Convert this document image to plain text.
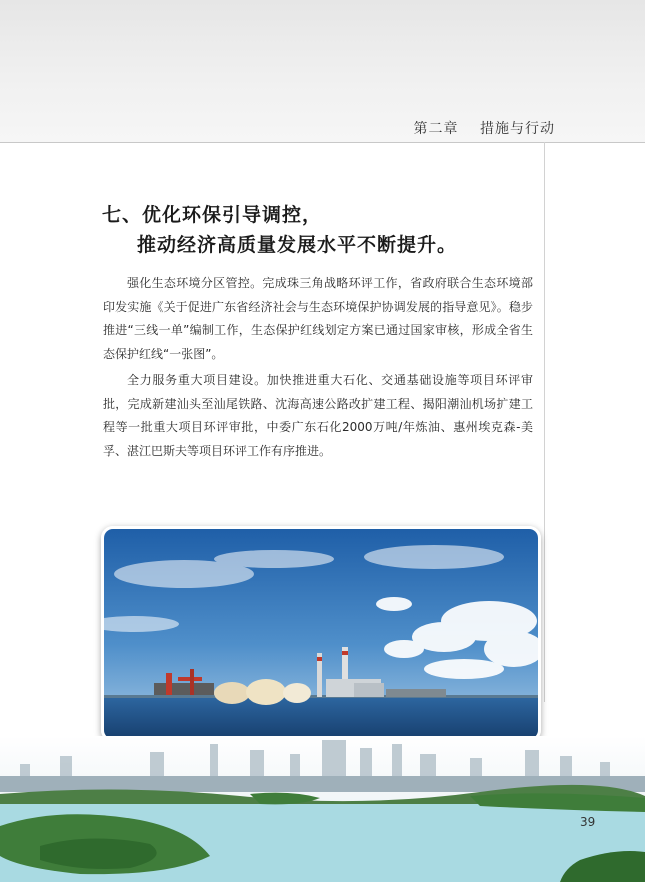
第二章 措施与行动
七、优化环保引导调控，
推动经济高质量发展水平不断提升。

强化生态环境分区管控。完成珠三角战略环评工作，省政府联合生态环境部印发实施《关于促进广东省经济社会与生态环境保护协调发展的指导意见》。稳步推进“三线一单”编制工作，生态保护红线划定方案已通过国家审核，形成全省生态保护红线“一张图”。

全力服务重大项目建设。加快推进重大石化、交通基础设施等项目环评审批，完成新建汕头至汕尾铁路、沈海高速公路改扩建工程、揭阳潮汕机场扩建工程等一批重大项目环评审批，中委广东石化2000万吨/年炼油、惠州埃克森-美孚、湛江巴斯夫等项目环评工作有序推进。

39
